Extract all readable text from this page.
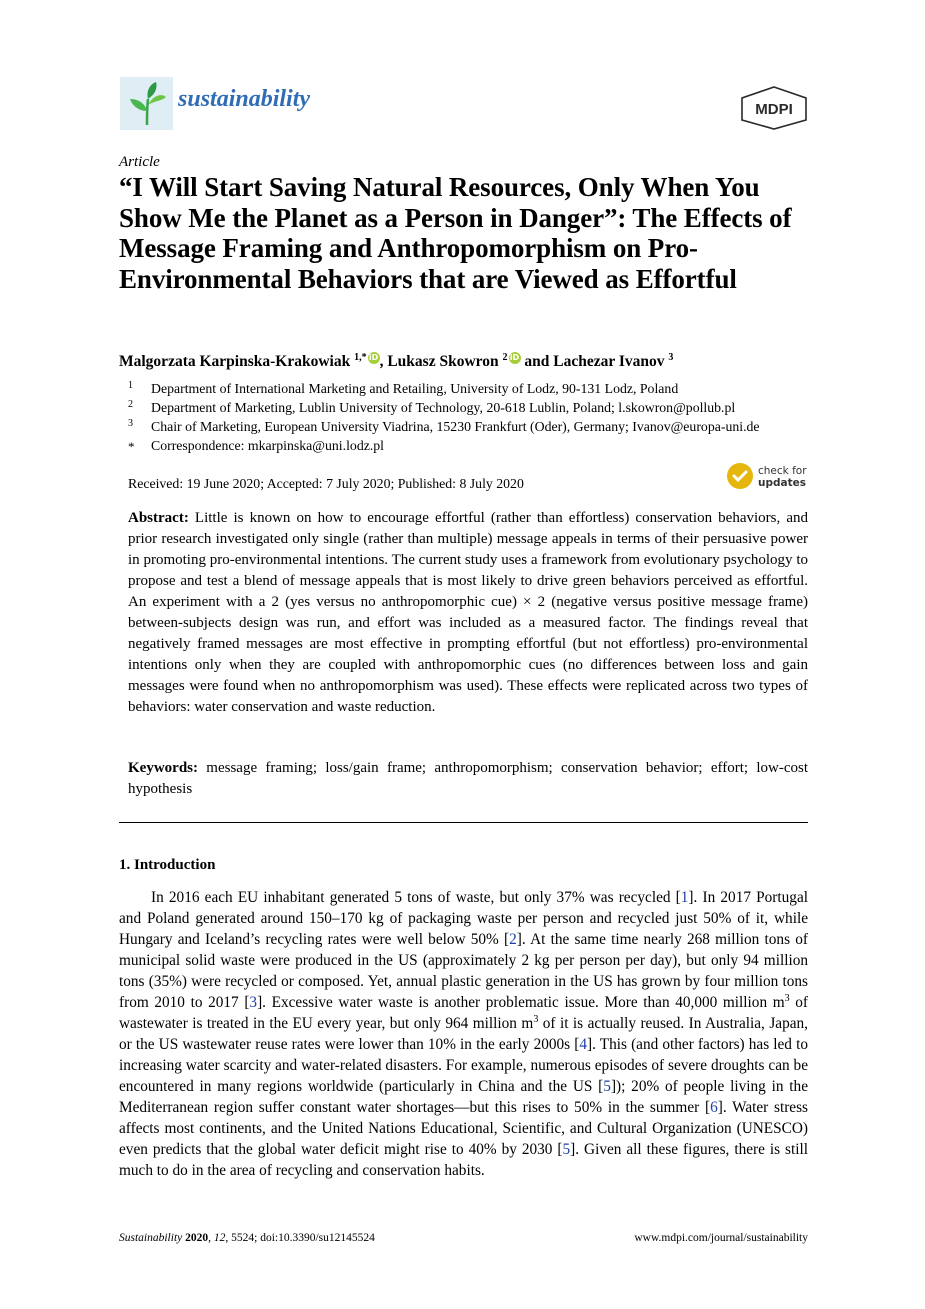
sustainability	MDPI
Article
“I Will Start Saving Natural Resources, Only When You Show Me the Planet as a Person in Danger”: The Effects of Message Framing and Anthropomorphism on Pro-Environmental Behaviors that are Viewed as Effortful
Malgorzata Karpinska-Krakowiak $^{1,*}$ iD, Lukasz Skowron $^2$ iD and Lachezar Ivanov $^3$
1 Department of International Marketing and Retailing, University of Lodz, 90-131 Lodz, Poland
2 Department of Marketing, Lublin University of Technology, 20-618 Lublin, Poland; l.skowron@pollub.pl
3 Chair of Marketing, European University Viadrina, 15230 Frankfurt (Oder), Germany; Ivanov@europa-uni.de
* Correspondence: mkarpinska@uni.lodz.pl
Received: 19 June 2020; Accepted: 7 July 2020; Published: 8 July 2020
check for
updates
Abstract: Little is known on how to encourage effortful (rather than effortless) conservation behaviors, and prior research investigated only single (rather than multiple) message appeals in terms of their persuasive power in promoting pro-environmental intentions. The current study uses a framework from evolutionary psychology to propose and test a blend of message appeals that is most likely to drive green behaviors perceived as effortful. An experiment with a 2 (yes versus no anthropomorphic cue) × 2 (negative versus positive message frame) between-subjects design was run, and effort was included as a measured factor. The findings reveal that negatively framed messages are most effective in prompting effortful (but not effortless) pro-environmental intentions only when they are coupled with anthropomorphic cues (no differences between loss and gain messages were found when no anthropomorphism was used). These effects were replicated across two types of behaviors: water conservation and waste reduction.
Keywords: message framing; loss/gain frame; anthropomorphism; conservation behavior; effort; low-cost hypothesis
1. Introduction
In 2016 each EU inhabitant generated 5 tons of waste, but only 37% was recycled [1]. In 2017 Portugal and Poland generated around 150–170 kg of packaging waste per person and recycled just 50% of it, while Hungary and Iceland’s recycling rates were well below 50% [2]. At the same time nearly 268 million tons of municipal solid waste were produced in the US (approximately 2 kg per person per day), but only 94 million tons (35%) were recycled or composed. Yet, annual plastic generation in the US has grown by four million tons from 2010 to 2017 [3]. Excessive water waste is another problematic issue. More than 40,000 million $m^3$ of wastewater is treated in the EU every year, but only 964 million $m^3$ of it is actually reused. In Australia, Japan, or the US wastewater reuse rates were lower than 10% in the early 2000s [4]. This (and other factors) has led to increasing water scarcity and water-related disasters. For example, numerous episodes of severe droughts can be encountered in many regions worldwide (particularly in China and the US [5]); 20% of people living in the Mediterranean region suffer constant water shortages—but this rises to 50% in the summer [6]. Water stress affects most continents, and the United Nations Educational, Scientific, and Cultural Organization (UNESCO) even predicts that the global water deficit might rise to 40% by 2030 [5]. Given all these figures, there is still much to do in the area of recycling and conservation habits.
Sustainability 2020, 12, 5524; doi:10.3390/su12145524	www.mdpi.com/journal/sustainability
